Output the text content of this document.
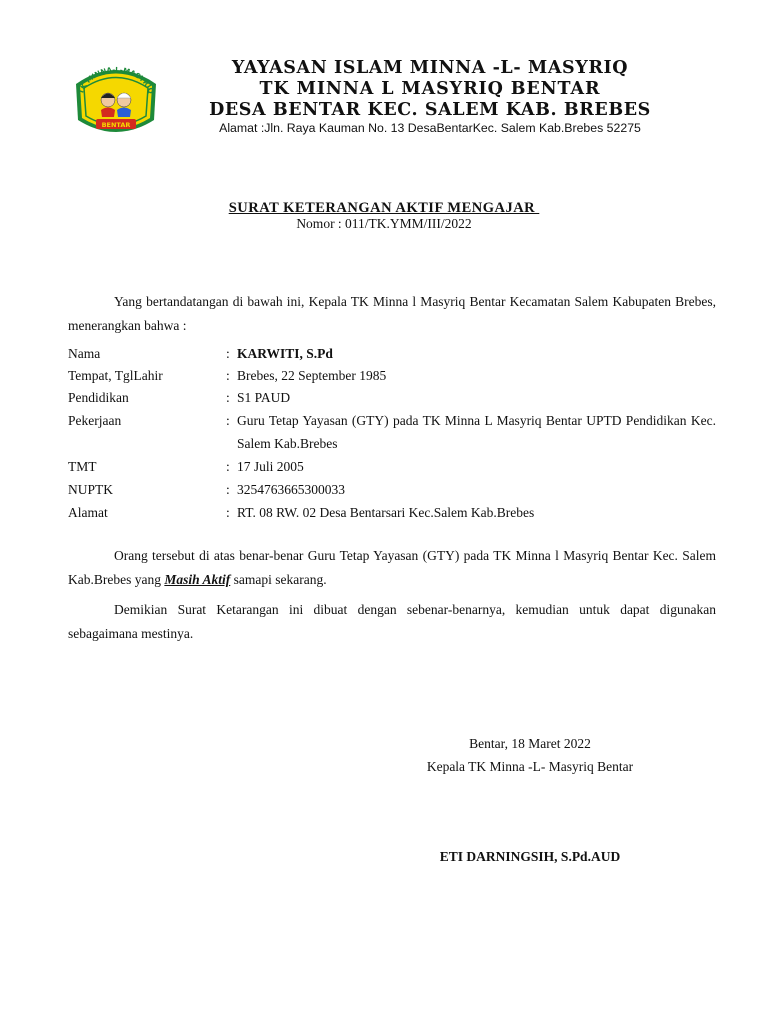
TK MINNA-L-MASYRIQ
BENTAR
YAYASAN ISLAM MINNA -L- MASYRIQ
TK MINNA L MASYRIQ BENTAR
DESA BENTAR KEC. SALEM KAB. BREBES
Alamat :Jln. Raya Kauman No. 13 DesaBentarKec. Salem Kab.Brebes 52275
SURAT KETERANGAN AKTIF MENGAJAR
Nomor : 011/TK.YMM/III/2022
Yang bertandatangan di bawah ini, Kepala TK Minna l Masyriq Bentar Kecamatan Salem Kabupaten Brebes, menerangkan bahwa :
Nama	: KARWITI, S.Pd
Tempat, TglLahir	: Brebes, 22 September 1985
Pendidikan	: S1 PAUD
Pekerjaan	: Guru Tetap Yayasan (GTY) pada TK Minna L Masyriq Bentar UPTD Pendidikan Kec. Salem Kab.Brebes
TMT	: 17 Juli 2005
NUPTK	: 3254763665300033
Alamat	: RT. 08 RW. 02 Desa Bentarsari Kec.Salem Kab.Brebes
Orang tersebut di atas benar-benar Guru Tetap Yayasan (GTY) pada TK Minna l Masyriq Bentar Kec. Salem Kab.Brebes yang Masih Aktif samapi sekarang.
Demikian Surat Ketarangan ini dibuat dengan sebenar-benarnya, kemudian untuk dapat digunakan sebagaimana mestinya.
Bentar, 18 Maret 2022
Kepala TK Minna -L- Masyriq Bentar
ETI DARNINGSIH, S.Pd.AUD
